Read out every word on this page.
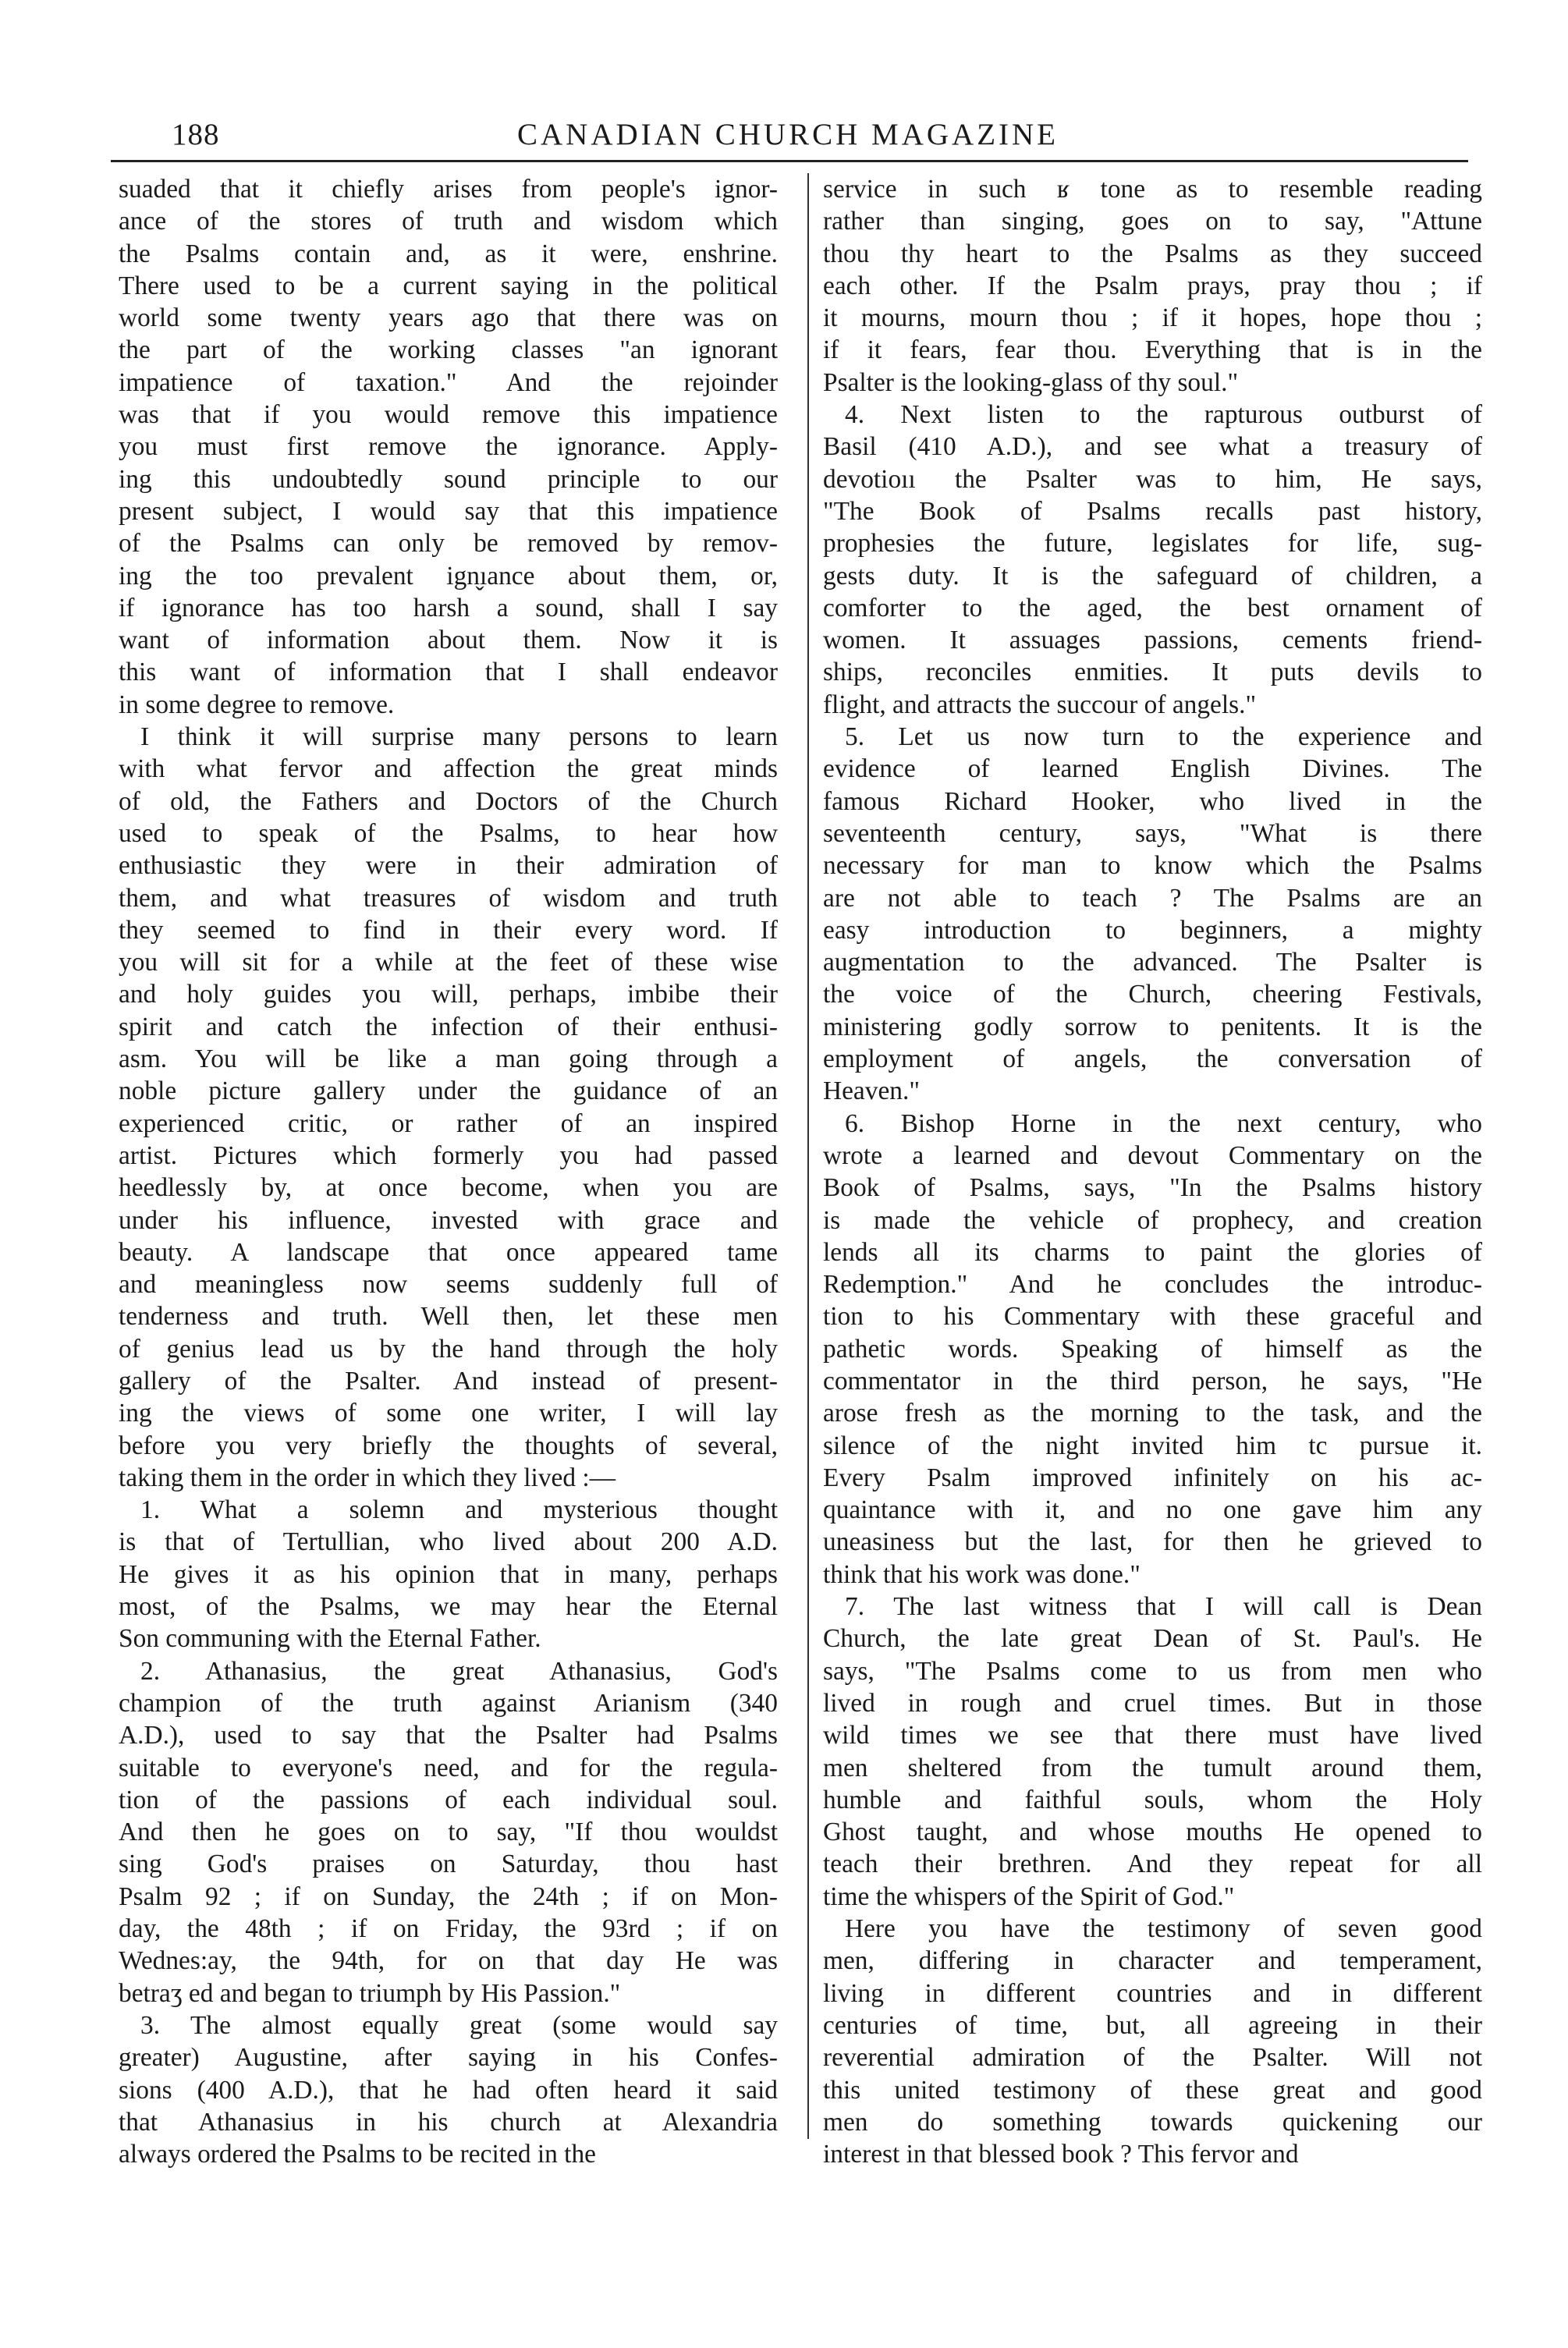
188	CANADIAN CHURCH MAGAZINE

suaded that it chiefly arises from people's ignor-
ance of the stores of truth and wisdom which
the Psalms contain and, as it were, enshrine.
There used to be a current saying in the political
world some twenty years ago that there was on
the part of the working classes "an ignorant
impatience of taxation." And the rejoinder
was that if you would remove this impatience
you must first remove the ignorance. Apply-
ing this undoubtedly sound principle to our
present subject, I would say that this impatience
of the Psalms can only be removed by remov-
ing the too prevalent ign̬ıance about them, or,
if ignorance has too harsh a sound, shall I say
want of information about them. Now it is
this want of information that I shall endeavor
in some degree to remove.

I think it will surprise many persons to learn
with what fervor and affection the great minds
of old, the Fathers and Doctors of the Church
used to speak of the Psalms, to hear how
enthusiastic they were in their admiration of
them, and what treasures of wisdom and truth
they seemed to find in their every word. If
you will sit for a while at the feet of these wise
and holy guides you will, perhaps, imbibe their
spirit and catch the infection of their enthusi-
asm. You will be like a man going through a
noble picture gallery under the guidance of an
experienced critic, or rather of an inspired
artist. Pictures which formerly you had passed
heedlessly by, at once become, when you are
under his influence, invested with grace and
beauty. A landscape that once appeared tame
and meaningless now seems suddenly full of
tenderness and truth. Well then, let these men
of genius lead us by the hand through the holy
gallery of the Psalter. And instead of present-
ing the views of some one writer, I will lay
before you very briefly the thoughts of several,
taking them in the order in which they lived :—

1. What a solemn and mysterious thought
is that of Tertullian, who lived about 200 A.D.
He gives it as his opinion that in many, perhaps
most, of the Psalms, we may hear the Eternal
Son communing with the Eternal Father.

2. Athanasius, the great Athanasius, God's
champion of the truth against Arianism (340
A.D.), used to say that the Psalter had Psalms
suitable to everyone's need, and for the regula-
tion of the passions of each individual soul.
And then he goes on to say, "If thou wouldst
sing God's praises on Saturday, thou hast
Psalm 92 ; if on Sunday, the 24th ; if on Mon-
day, the 48th ; if on Friday, the 93rd ; if on
Wednes:ay, the 94th, for on that day He was
betraʒ ed and began to triumph by His Passion."

3. The almost equally great (some would say
greater) Augustine, after saying in his Confes-
sions (400 A.D.), that he had often heard it said
that Athanasius in his church at Alexandria
always ordered the Psalms to be recited in the

service in such ʁ tone as to resemble reading
rather than singing, goes on to say, "Attune
thou thy heart to the Psalms as they succeed
each other. If the Psalm prays, pray thou ; if
it mourns, mourn thou ; if it hopes, hope thou ;
if it fears, fear thou. Everything that is in the
Psalter is the looking-glass of thy soul."

4. Next listen to the rapturous outburst of
Basil (410 A.D.), and see what a treasury of
devotioıı the Psalter was to him, He says,
"The Book of Psalms recalls past history,
prophesies the future, legislates for life, sug-
gests duty. It is the safeguard of children, a
comforter to the aged, the best ornament of
women. It assuages passions, cements friend-
ships, reconciles enmities. It puts devils to
flight, and attracts the succour of angels."

5. Let us now turn to the experience and
evidence of learned English Divines. The
famous Richard Hooker, who lived in the
seventeenth century, says, "What is there
necessary for man to know which the Psalms
are not able to teach ? The Psalms are an
easy introduction to beginners, a mighty
augmentation to the advanced. The Psalter is
the voice of the Church, cheering Festivals,
ministering godly sorrow to penitents. It is the
employment of angels, the conversation of
Heaven."

6. Bishop Horne in the next century, who
wrote a learned and devout Commentary on the
Book of Psalms, says, "In the Psalms history
is made the vehicle of prophecy, and creation
lends all its charms to paint the glories of
Redemption." And he concludes the introduc-
tion to his Commentary with these graceful and
pathetic words. Speaking of himself as the
commentator in the third person, he says, "He
arose fresh as the morning to the task, and the
silence of the night invited him tc pursue it.
Every Psalm improved infinitely on his ac-
quaintance with it, and no one gave him any
uneasiness but the last, for then he grieved to
think that his work was done."

7. The last witness that I will call is Dean
Church, the late great Dean of St. Paul's. He
says, "The Psalms come to us from men who
lived in rough and cruel times. But in those
wild times we see that there must have lived
men sheltered from the tumult around them,
humble and faithful souls, whom the Holy
Ghost taught, and whose mouths He opened to
teach their brethren. And they repeat for all
time the whispers of the Spirit of God."

Here you have the testimony of seven good
men, differing in character and temperament,
living in different countries and in different
centuries of time, but, all agreeing in their
reverential admiration of the Psalter. Will not
this united testimony of these great and good
men do something towards quickening our
interest in that blessed book ? This fervor and
